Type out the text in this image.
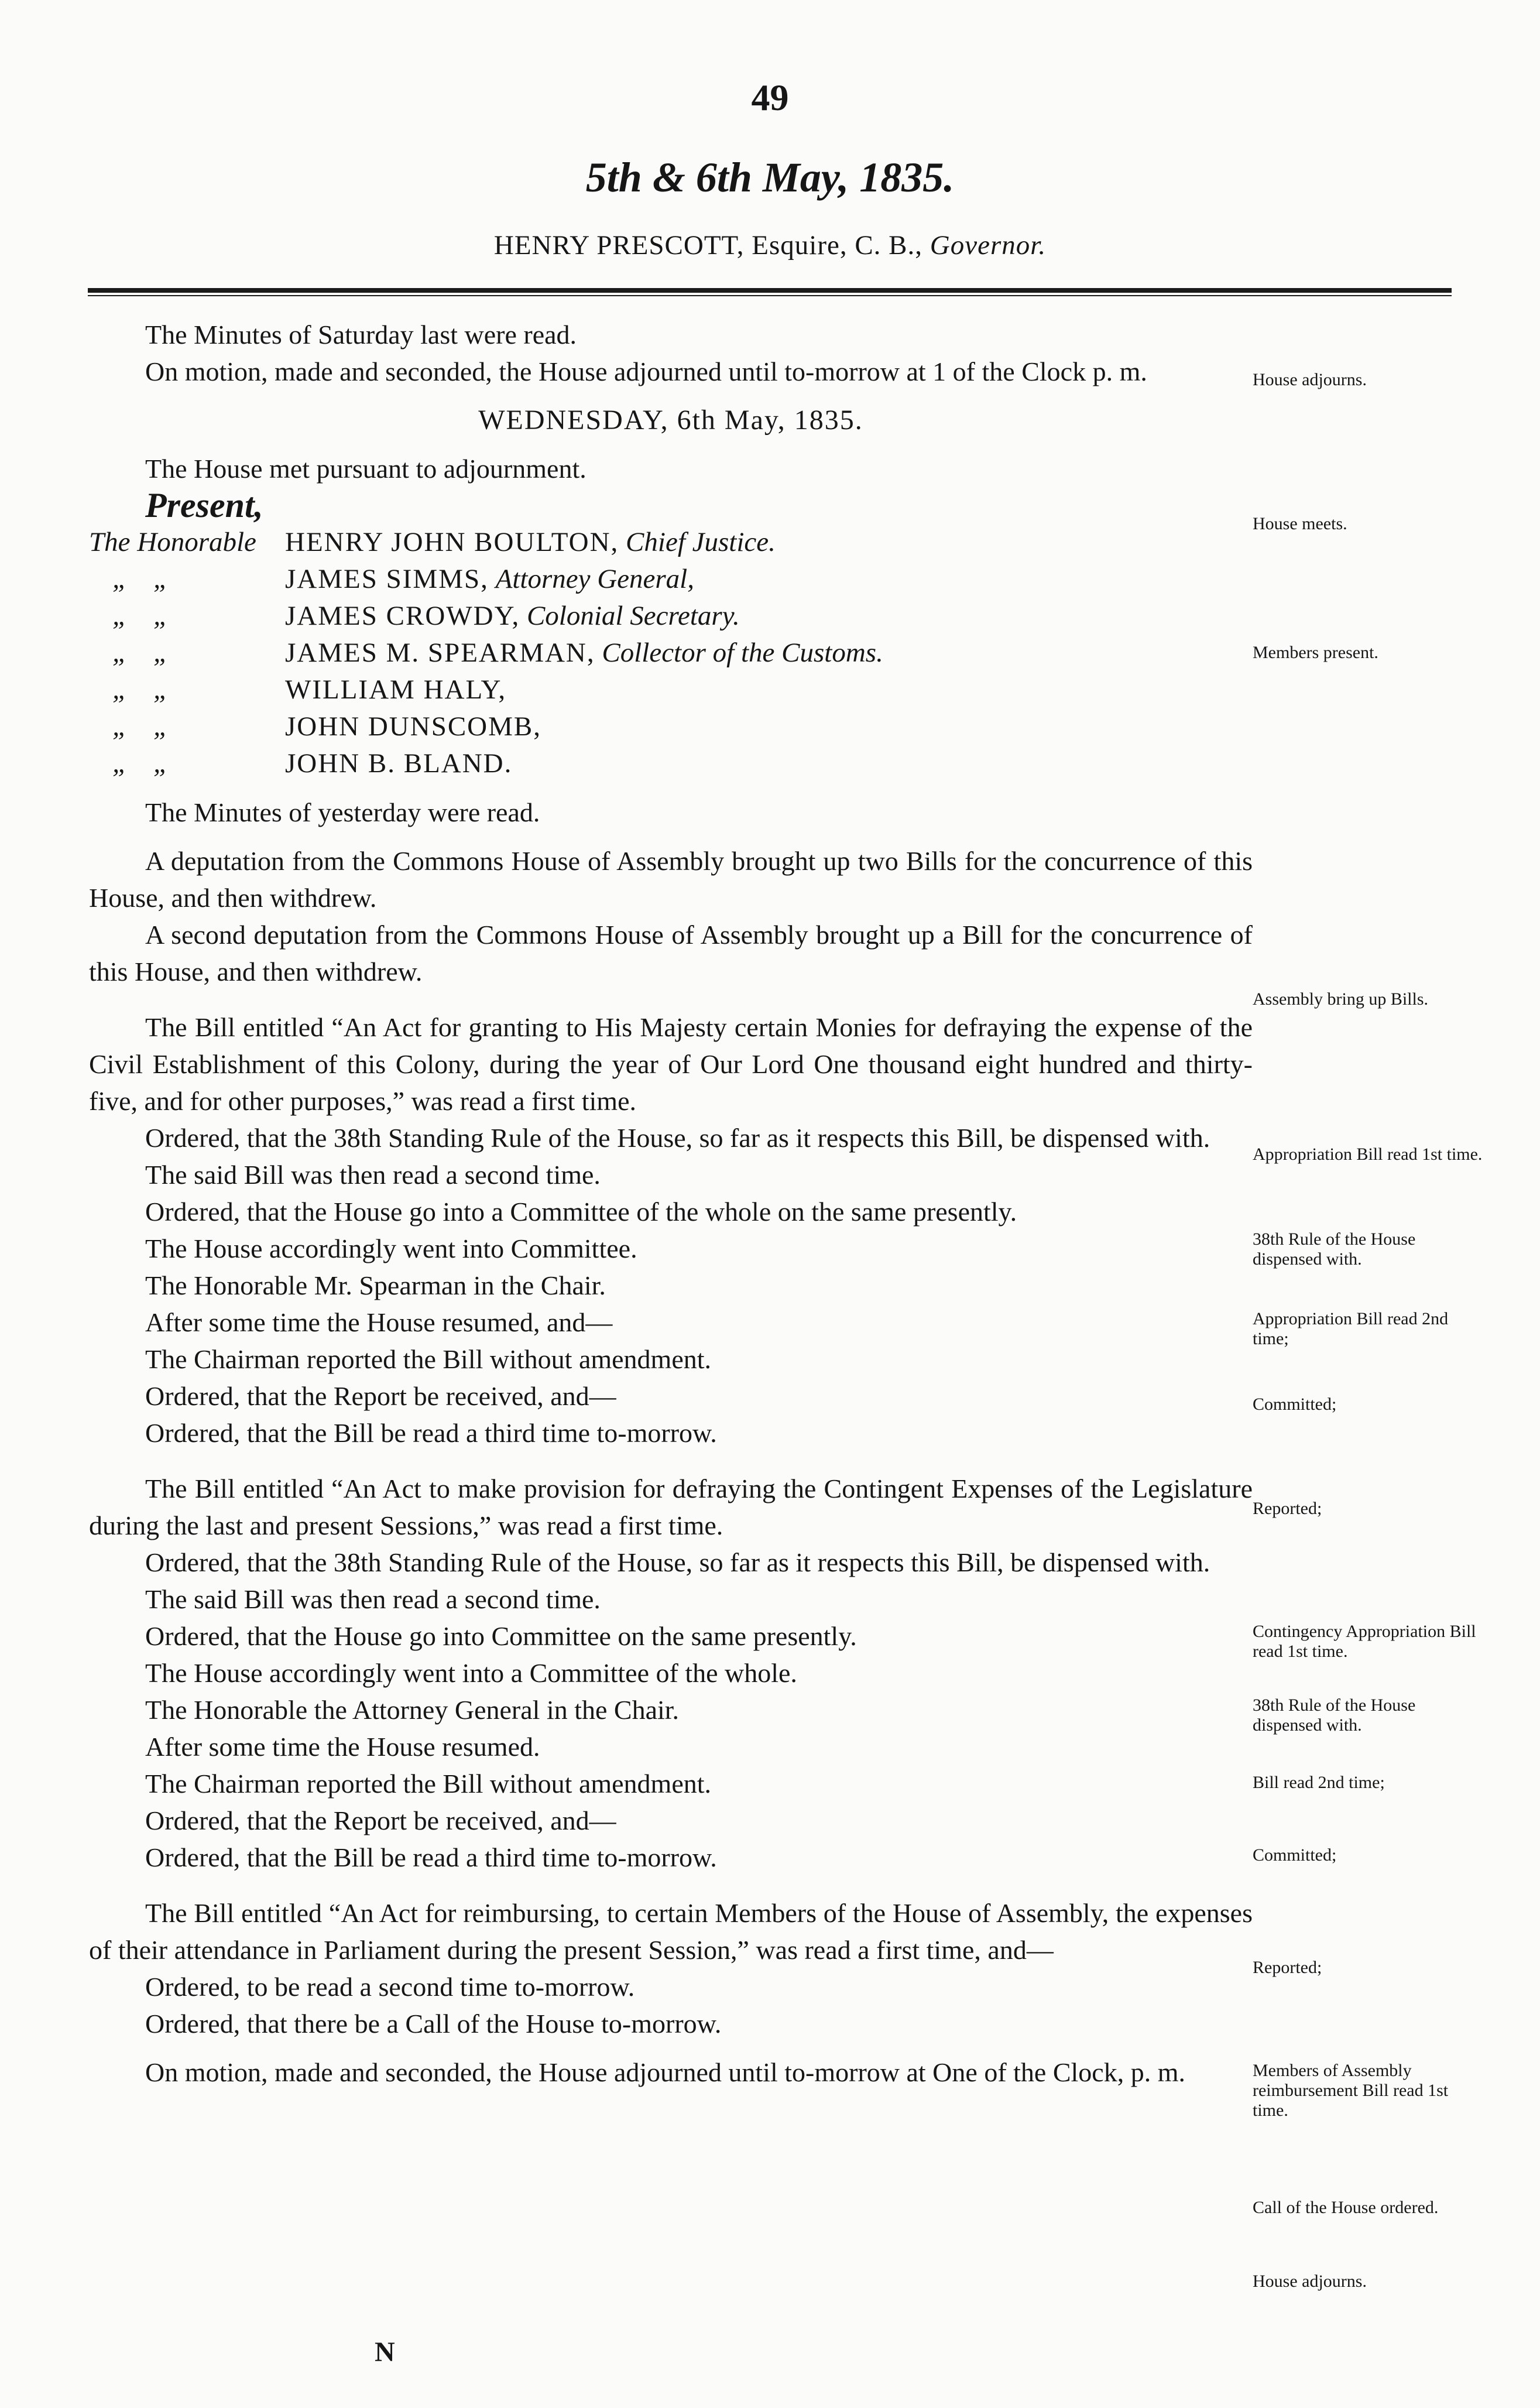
49
5th & 6th May, 1835.
HENRY PRESCOTT, Esquire, C. B., Governor.

The Minutes of Saturday last were read.

On motion, made and seconded, the House adjourned until to-morrow at 1 of the Clock p. m.

WEDNESDAY, 6th May, 1835.

The House met pursuant to adjournment.

Present,

The Honorable	HENRY JOHN BOULTON, Chief Justice.
„ „	JAMES SIMMS, Attorney General,
„ „	JAMES CROWDY, Colonial Secretary.
„ „	JAMES M. SPEARMAN, Collector of the Customs.
„ „	WILLIAM HALY,
„ „	JOHN DUNSCOMB,
„ „	JOHN B. BLAND.

The Minutes of yesterday were read.

A deputation from the Commons House of Assembly brought up two Bills for the concurrence of this House, and then withdrew.

A second deputation from the Commons House of Assembly brought up a Bill for the concurrence of this House, and then withdrew.

The Bill entitled “An Act for granting to His Majesty certain Monies for defraying the expense of the Civil Establishment of this Colony, during the year of Our Lord One thousand eight hundred and thirty-five, and for other purposes,” was read a first time.

Ordered, that the 38th Standing Rule of the House, so far as it respects this Bill, be dispensed with.

The said Bill was then read a second time.

Ordered, that the House go into a Committee of the whole on the same presently.

The House accordingly went into Committee.

The Honorable Mr. Spearman in the Chair.

After some time the House resumed, and—

The Chairman reported the Bill without amendment.

Ordered, that the Report be received, and—

Ordered, that the Bill be read a third time to-morrow.

The Bill entitled “An Act to make provision for defraying the Contingent Expenses of the Legislature during the last and present Sessions,” was read a first time.

Ordered, that the 38th Standing Rule of the House, so far as it respects this Bill, be dispensed with.

The said Bill was then read a second time.

Ordered, that the House go into Committee on the same presently.

The House accordingly went into a Committee of the whole.

The Honorable the Attorney General in the Chair.

After some time the House resumed.

The Chairman reported the Bill without amendment.

Ordered, that the Report be received, and—

Ordered, that the Bill be read a third time to-morrow.

The Bill entitled “An Act for reimbursing, to certain Members of the House of Assembly, the expenses of their attendance in Parliament during the present Session,” was read a first time, and—

Ordered, to be read a second time to-morrow.

Ordered, that there be a Call of the House to-morrow.

On motion, made and seconded, the House adjourned until to-morrow at One of the Clock, p. m.

House adjourns.
House meets.
Members present.
Assembly bring up Bills.
Appropriation Bill read 1st time.
38th Rule of the House dispensed with.
Appropriation Bill read 2nd time;
Committed;
Reported;
Contingency Appropriation Bill read 1st time.
38th Rule of the House dispensed with.
Bill read 2nd time;
Committed;
Reported;
Members of Assembly reimbursement Bill read 1st time.
Call of the House ordered.
House adjourns.
N
